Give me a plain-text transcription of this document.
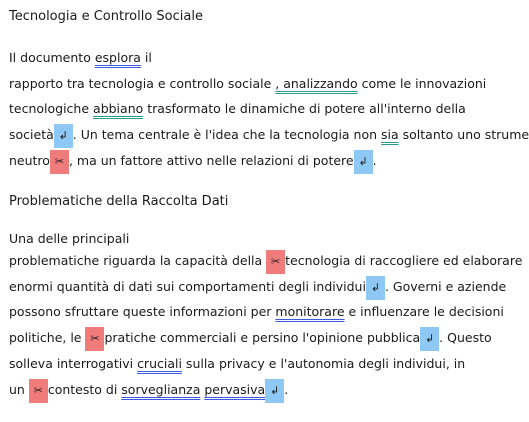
Tecnologia e Controllo Sociale
Il documento esplora il
rapporto tra tecnologia e controllo sociale , analizzando come le innovazioni
tecnologiche abbiano trasformato le dinamiche di potere all'interno della
società ↲ . Un tema centrale è l'idea che la tecnologia non sia soltanto uno strume
neutro ✂ , ma un fattore attivo nelle relazioni di potere ↲ .
Problematiche della Raccolta Dati
Una delle principali
problematiche riguarda la capacità della ✂ tecnologia di raccogliere ed elaborare
enormi quantità di dati sui comportamenti degli individui ↲ . Governi e aziende
possono sfruttare queste informazioni per monitorare e influenzare le decisioni
politiche, le ✂ pratiche commerciali e persino l'opinione pubblica ↲ . Questo
solleva interrogativi cruciali sulla privacy e l'autonomia degli individui, in
un ✂ contesto di sorveglianza pervasiva ↲ .
